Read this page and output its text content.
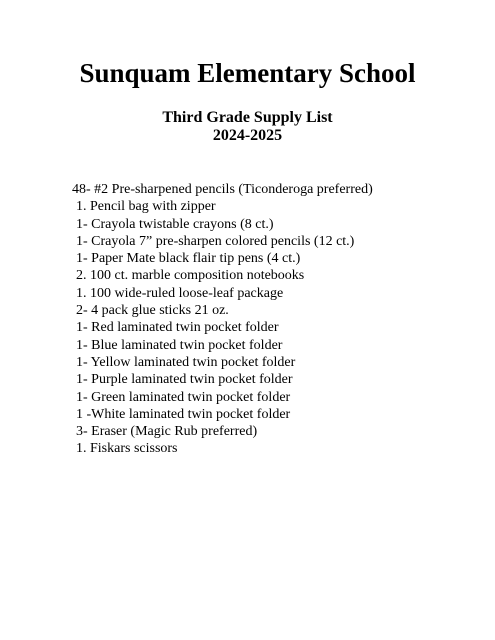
Sunquam Elementary School
Third Grade Supply List
2024-2025
48- #2 Pre-sharpened pencils (Ticonderoga preferred)
1. Pencil bag with zipper
1- Crayola twistable crayons (8 ct.)
1- Crayola 7” pre-sharpen colored pencils (12 ct.)
1- Paper Mate black flair tip pens (4 ct.)
2. 100 ct. marble composition notebooks
1. 100 wide-ruled loose-leaf package
2- 4 pack glue sticks 21 oz.
1- Red laminated twin pocket folder
1- Blue laminated twin pocket folder
1- Yellow laminated twin pocket folder
1- Purple laminated twin pocket folder
1- Green laminated twin pocket folder
1 -White laminated twin pocket folder
3- Eraser (Magic Rub preferred)
1. Fiskars scissors
